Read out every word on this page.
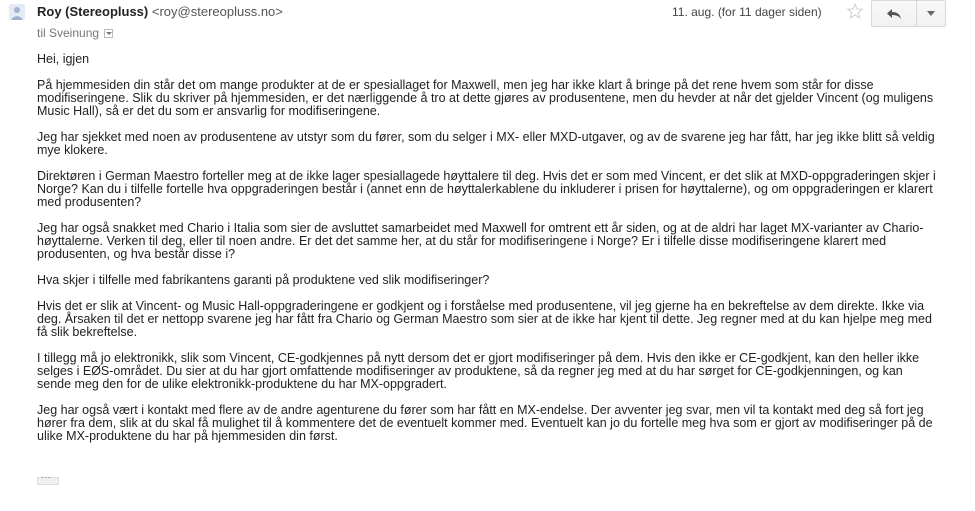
Roy (Stereopluss) <roy@stereopluss.no>	11. aug. (for 11 dager siden)
til Sveinung

Hei, igjen

På hjemmesiden din står det om mange produkter at de er spesiallaget for Maxwell, men jeg har ikke klart å bringe på det rene hvem som står for disse modifiseringene. Slik du skriver på hjemmesiden, er det nærliggende å tro at dette gjøres av produsentene, men du hevder at når det gjelder Vincent (og muligens Music Hall), så er det du som er ansvarlig for modifiseringene.

Jeg har sjekket med noen av produsentene av utstyr som du fører, som du selger i MX- eller MXD-utgaver, og av de svarene jeg har fått, har jeg ikke blitt så veldig mye klokere.

Direktøren i German Maestro forteller meg at de ikke lager spesiallagede høyttalere til deg. Hvis det er som med Vincent, er det slik at MXD-oppgraderingen skjer i Norge? Kan du i tilfelle fortelle hva oppgraderingen består i (annet enn de høyttalerkablene du inkluderer i prisen for høyttalerne), og om oppgraderingen er klarert med produsenten?

Jeg har også snakket med Chario i Italia som sier de avsluttet samarbeidet med Maxwell for omtrent ett år siden, og at de aldri har laget MX-varianter av Chario-høyttalerne. Verken til deg, eller til noen andre. Er det det samme her, at du står for modifiseringene i Norge? Er i tilfelle disse modifiseringene klarert med produsenten, og hva består disse i?

Hva skjer i tilfelle med fabrikantens garanti på produktene ved slik modifiseringer?

Hvis det er slik at Vincent- og Music Hall-oppgraderingene er godkjent og i forståelse med produsentene, vil jeg gjerne ha en bekreftelse av dem direkte. Ikke via deg. Årsaken til det er nettopp svarene jeg har fått fra Chario og German Maestro som sier at de ikke har kjent til dette. Jeg regner med at du kan hjelpe meg med få slik bekreftelse.

I tillegg må jo elektronikk, slik som Vincent, CE-godkjennes på nytt dersom det er gjort modifiseringer på dem. Hvis den ikke er CE-godkjent, kan den heller ikke selges i EØS-området. Du sier at du har gjort omfattende modifiseringer av produktene, så da regner jeg med at du har sørget for CE-godkjenningen, og kan sende meg den for de ulike elektronikk-produktene du har MX-oppgradert.

Jeg har også vært i kontakt med flere av de andre agenturene du fører som har fått en MX-endelse. Der avventer jeg svar, men vil ta kontakt med deg så fort jeg hører fra dem, slik at du skal få mulighet til å kommentere det de eventuelt kommer med. Eventuelt kan jo du fortelle meg hva som er gjort av modifiseringer på de ulike MX-produktene du har på hjemmesiden din først.

···
